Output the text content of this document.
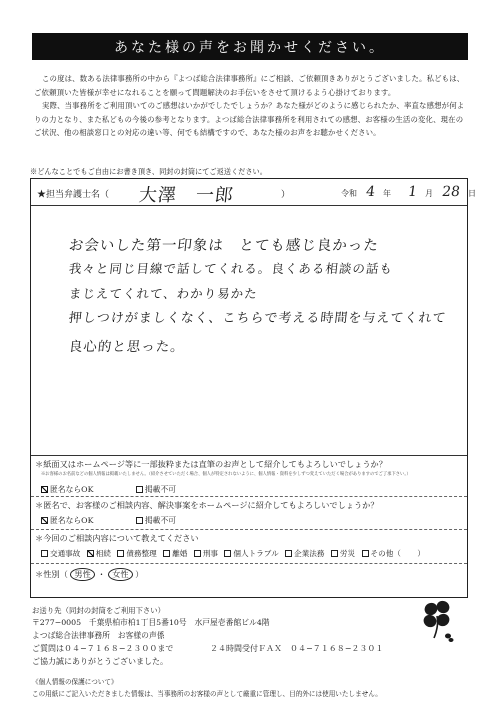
あなた様の声をお聞かせください。

この度は、数ある法律事務所の中から『よつば総合法律事務所』にご相談、ご依頼頂きありがとうございました。私どもは、ご依頼頂いた皆様が幸せになれることを願って問題解決のお手伝いをさせて頂けるよう心掛けております。

実際、当事務所をご利用頂いてのご感想はいかがでしたでしょうか？あなた様がどのように感じられたか、率直な感想が何よりの力となり、また私どもの今後の参考となります。よつば総合法律事務所を利用されての感想、お客様の生活の変化、現在のご状況、他の相談窓口との対応の違い等、何でも結構ですので、あなた様のお声をお聴かせください。

※どんなことでもご自由にお書き頂き、同封の封筒にてご返送ください。
★担当弁護士名（ 大澤　一郎	）	令和 4 年 1 月 28 日
お会いした第一印象は　とても感じ良かった
我々と同じ目線で話してくれる。良くある相談の話も
まじえてくれて、わかり易かた
押しつけがましくなく、こちらで考える時間を与えてくれて
良心的と思った。
＊紙面又はホームページ等に一部抜粋または直筆のお声として紹介してもよろしいでしょうか？
※お客様のお名前などの個人情報は掲載いたしません。（紹介させていただく場合、個人が特定されないように、個人情報・資料を少しずつ変えていただく場合がありますのでご了承下さい。）
匿名ならOK	掲載不可
＊匿名で、お客様のご相談内容、解決事案をホームページに紹介してもよろしいでしょうか？
匿名ならOK	掲載不可
＊今回のご相談内容について教えてください
交通事故 相続 債務整理 離婚 刑事 個人トラブル 企業法務 労災 その他（ ）
＊性別（ 男性 ・ 女性 ）
お送り先（同封の封筒をご利用下さい）
〒277−0005　千葉県柏市柏1丁目5番10号　水戸屋壱番館ビル4階
よつば総合法律事務所　お客様の声係
ご質問は０４−７１６８−２３００まで	２４時間受付ＦＡＸ　０４−７１６８−２３０１
ご協力誠にありがとうございました。
《個人情報の保護について》
この用紙にご記入いただきました情報は、当事務所のお客様の声として厳重に管理し、目的外には使用いたしません。
